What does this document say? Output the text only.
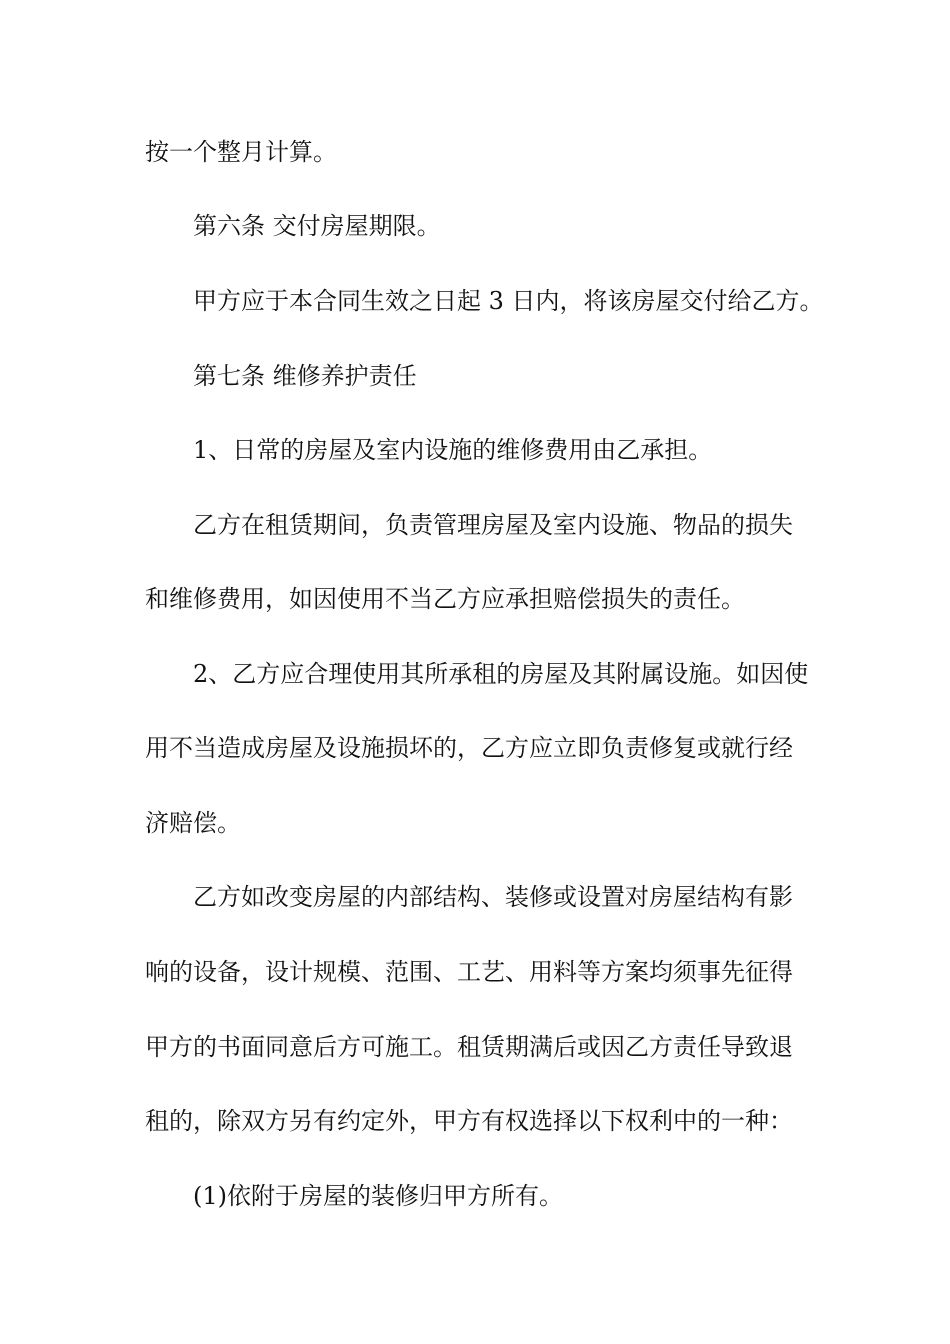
按一个整月计算。
第六条 交付房屋期限。
甲方应于本合同生效之日起 3 日内，将该房屋交付给乙方。
第七条 维修养护责任
1、日常的房屋及室内设施的维修费用由乙承担。
乙方在租赁期间，负责管理房屋及室内设施、物品的损失
和维修费用，如因使用不当乙方应承担赔偿损失的责任。
2、乙方应合理使用其所承租的房屋及其附属设施。如因使
用不当造成房屋及设施损坏的，乙方应立即负责修复或就行经
济赔偿。
乙方如改变房屋的内部结构、装修或设置对房屋结构有影
响的设备，设计规模、范围、工艺、用料等方案均须事先征得
甲方的书面同意后方可施工。租赁期满后或因乙方责任导致退
租的，除双方另有约定外，甲方有权选择以下权利中的一种：
(1)依附于房屋的装修归甲方所有。
